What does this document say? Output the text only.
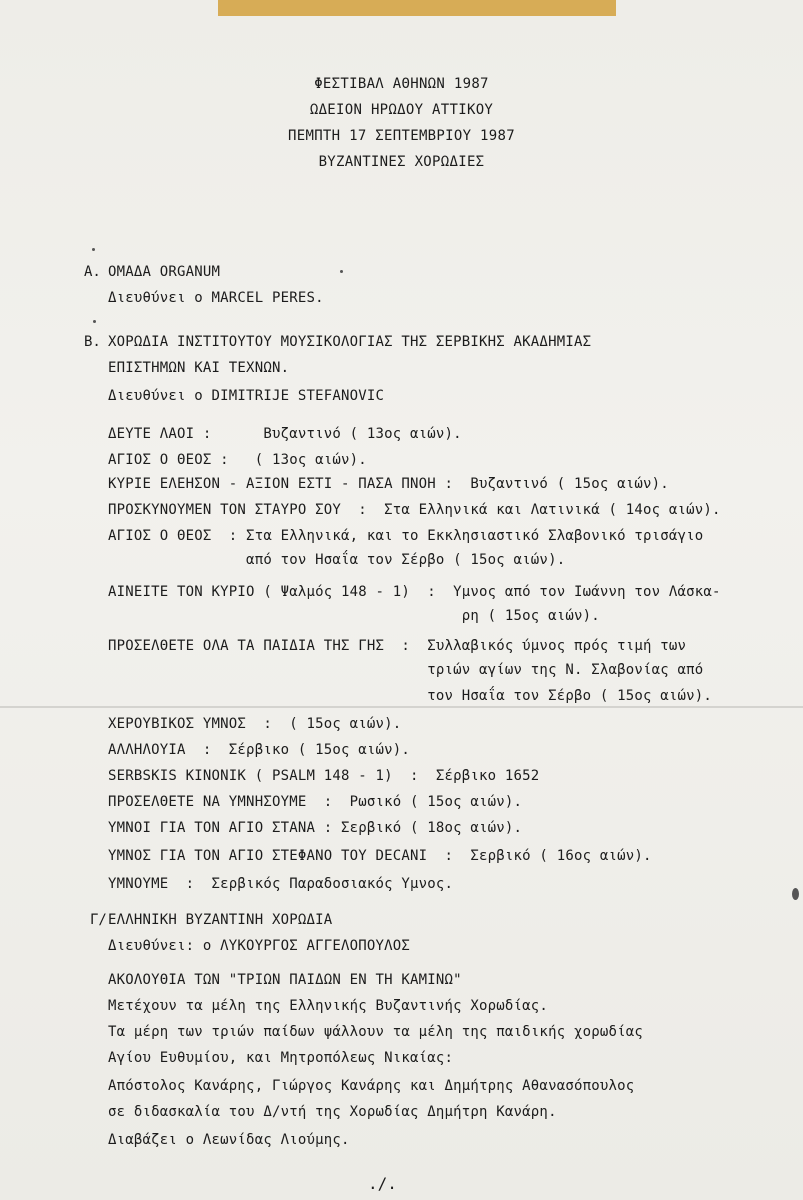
ΦΕΣΤΙΒΑΛ ΑΘΗΝΩΝ 1987
ΩΔΕΙΟΝ ΗΡΩΔΟΥ ΑΤΤΙΚΟΥ
ΠΕΜΠΤΗ 17 ΣΕΠΤΕΜΒΡΙΟΥ 1987
ΒΥΖΑΝΤΙΝΕΣ ΧΟΡΩΔΙΕΣ
A. ΟΜΑΔΑ ORGANUM
Διευθύνει ο MARCEL PERES.
B. ΧΟΡΩΔΙΑ ΙΝΣΤΙΤΟΥΤΟΥ ΜΟΥΣΙΚΟΛΟΓΙΑΣ ΤΗΣ ΣΕΡΒΙΚΗΣ ΑΚΑΔΗΜΙΑΣ
ΕΠΙΣΤΗΜΩΝ ΚΑΙ ΤΕΧΝΩΝ.
Διευθύνει ο DIMITRIJE STEFANOVIC
ΔΕΥΤΕ ΛΑΟΙ :      Βυζαντινό ( 13ος αιών).
ΑΓΙΟΣ Ο ΘΕΟΣ :   ( 13ος αιών).
ΚΥΡΙΕ ΕΛΕΗΣΟΝ - ΑΞΙΟΝ ΕΣΤΙ - ΠΑΣΑ ΠΝΟΗ :  Βυζαντινό ( 15ος αιών).
ΠΡΟΣΚΥΝΟΥΜΕΝ ΤΟΝ ΣΤΑΥΡΟ ΣΟΥ  :  Στα Ελληνικά και Λατινικά ( 14ος αιών).
ΑΓΙΟΣ Ο ΘΕΟΣ  : Στα Ελληνικά, και το Εκκλησιαστικό Σλαβονικό τρισάγιο
από τον Ησαΐα τον Σέρβο ( 15ος αιών).
ΑΙΝΕΙΤΕ ΤΟΝ ΚΥΡΙΟ ( Ψαλμός 148 - 1)  :  Υμνος από τον Ιωάννη τον Λάσκα-
ρη ( 15ος αιών).
ΠΡΟΣΕΛΘΕΤΕ ΟΛΑ ΤΑ ΠΑΙΔΙΑ ΤΗΣ ΓΗΣ  :  Συλλαβικός ύμνος πρός τιμή των
τριών αγίων της Ν. Σλαβονίας από
τον Ησαΐα τον Σέρβο ( 15ος αιών).
ΧΕΡΟΥΒΙΚΟΣ ΥΜΝΟΣ  :  ( 15ος αιών).
ΑΛΛΗΛΟΥΙΑ  :  Σέρβικο ( 15ος αιών).
SERBSKIS KINONIK ( PSALM 148 - 1)  :  Σέρβικο 1652
ΠΡΟΣΕΛΘΕΤΕ ΝΑ ΥΜΝΗΣΟΥΜΕ  :  Ρωσικό ( 15ος αιών).
ΥΜΝΟΙ ΓΙΑ ΤΟΝ ΑΓΙΟ ΣΤΑΝΑ : Σερβικό ( 18ος αιών).
ΥΜΝΟΣ ΓΙΑ ΤΟΝ ΑΓΙΟ ΣΤΕΦΑΝΟ ΤΟΥ DECANI  :  Σερβικό ( 16ος αιών).
ΥΜΝΟΥΜΕ  :  Σερβικός Παραδοσιακός Υμνος.
Γ/ ΕΛΛΗΝΙΚΗ ΒΥΖΑΝΤΙΝΗ ΧΟΡΩΔΙΑ
Διευθύνει: ο ΛΥΚΟΥΡΓΟΣ ΑΓΓΕΛΟΠΟΥΛΟΣ
ΑΚΟΛΟΥΘΙΑ ΤΩΝ "ΤΡΙΩΝ ΠΑΙΔΩΝ ΕΝ ΤΗ ΚΑΜΙΝΩ"
Μετέχουν τα μέλη της Ελληνικής Βυζαντινής Χορωδίας.
Τα μέρη των τριών παίδων ψάλλουν τα μέλη της παιδικής χορωδίας
Αγίου Ευθυμίου, και Μητροπόλεως Νικαίας:
Απόστολος Κανάρης, Γιώργος Κανάρης και Δημήτρης Αθανασόπουλος
σε διδασκαλία του Δ/ντή της Χορωδίας Δημήτρη Κανάρη.
Διαβάζει ο Λεωνίδας Λιούμης.
./.
